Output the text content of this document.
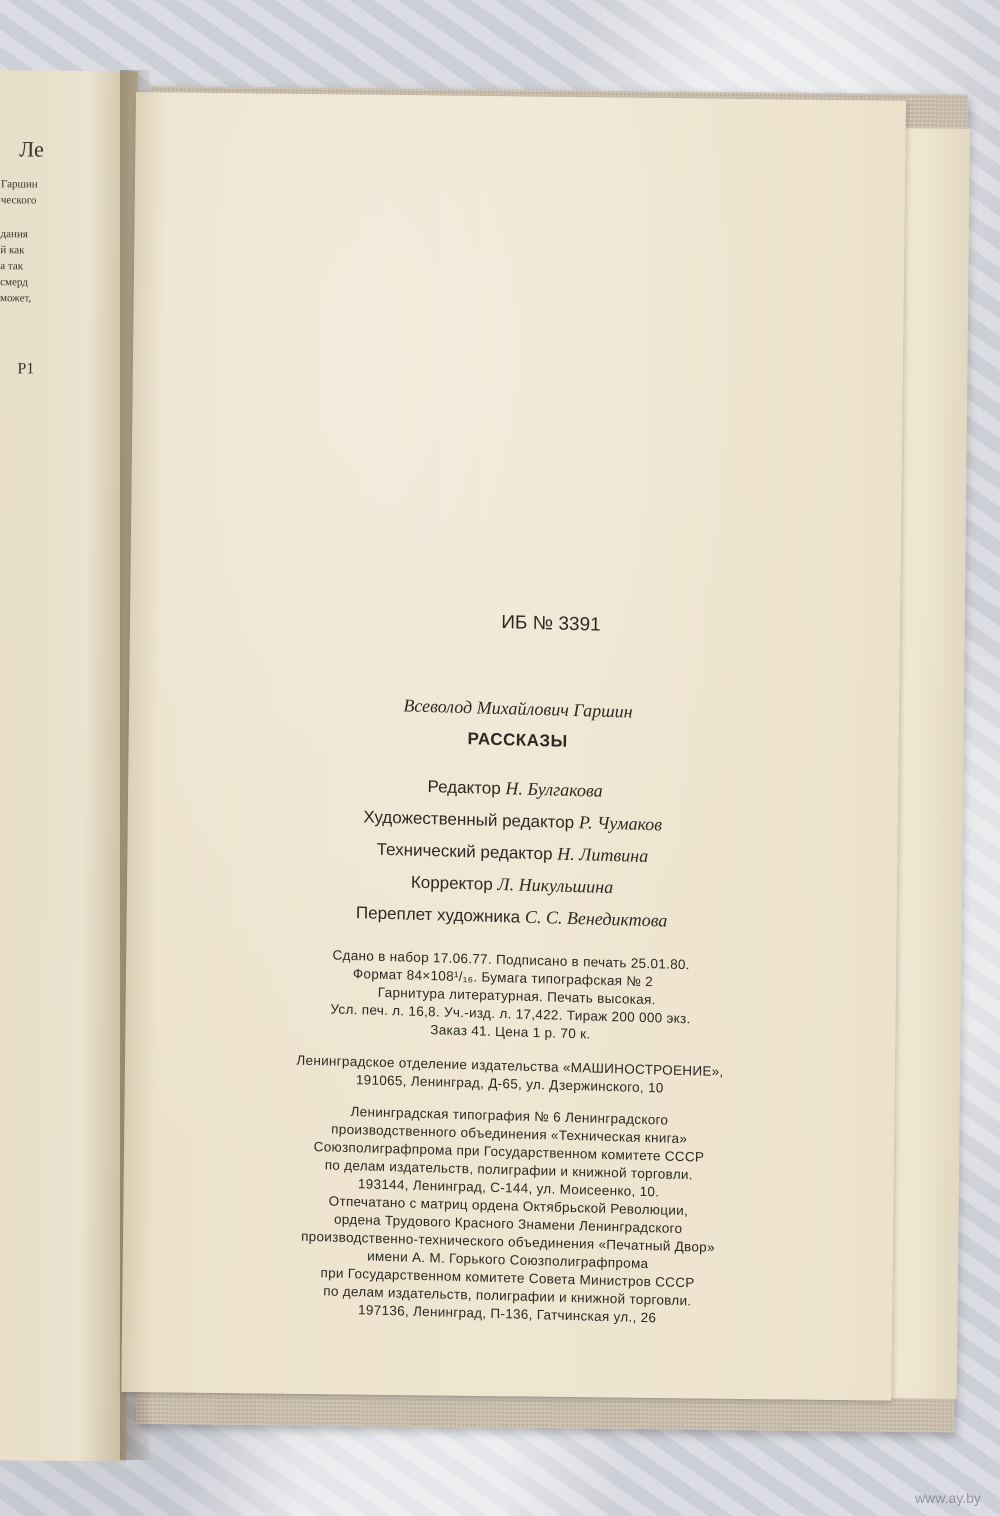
Ле
Гаршин
ческого
дания
й как
а так
смерд
может,
Р1
ИБ № 3391
Всеволод Михайлович Гаршин
РАССКАЗЫ
Редактор Н. Булгакова
Художественный редактор Р. Чумаков
Технический редактор Н. Литвина
Корректор Л. Никульшина
Переплет художника С. С. Венедиктова
Сдано в набор 17.06.77. Подписано в печать 25.01.80.
Формат 84×108¹/₁₆. Бумага типографская № 2
Гарнитура литературная. Печать высокая.
Усл. печ. л. 16,8. Уч.-изд. л. 17,422. Тираж 200 000 экз.
Заказ 41. Цена 1 р. 70 к.
Ленинградское отделение издательства «МАШИНОСТРОЕНИЕ»,
191065, Ленинград, Д-65, ул. Дзержинского, 10
Ленинградская типография № 6 Ленинградского
производственного объединения «Техническая книга»
Союзполиграфпрома при Государственном комитете СССР
по делам издательств, полиграфии и книжной торговли.
193144, Ленинград, С-144, ул. Моисеенко, 10.
Отпечатано с матриц ордена Октябрьской Революции,
ордена Трудового Красного Знамени Ленинградского
производственно-технического объединения «Печатный Двор»
имени А. М. Горького Союзполиграфпрома
при Государственном комитете Совета Министров СССР
по делам издательств, полиграфии и книжной торговли.
197136, Ленинград, П-136, Гатчинская ул., 26
www.ay.by
